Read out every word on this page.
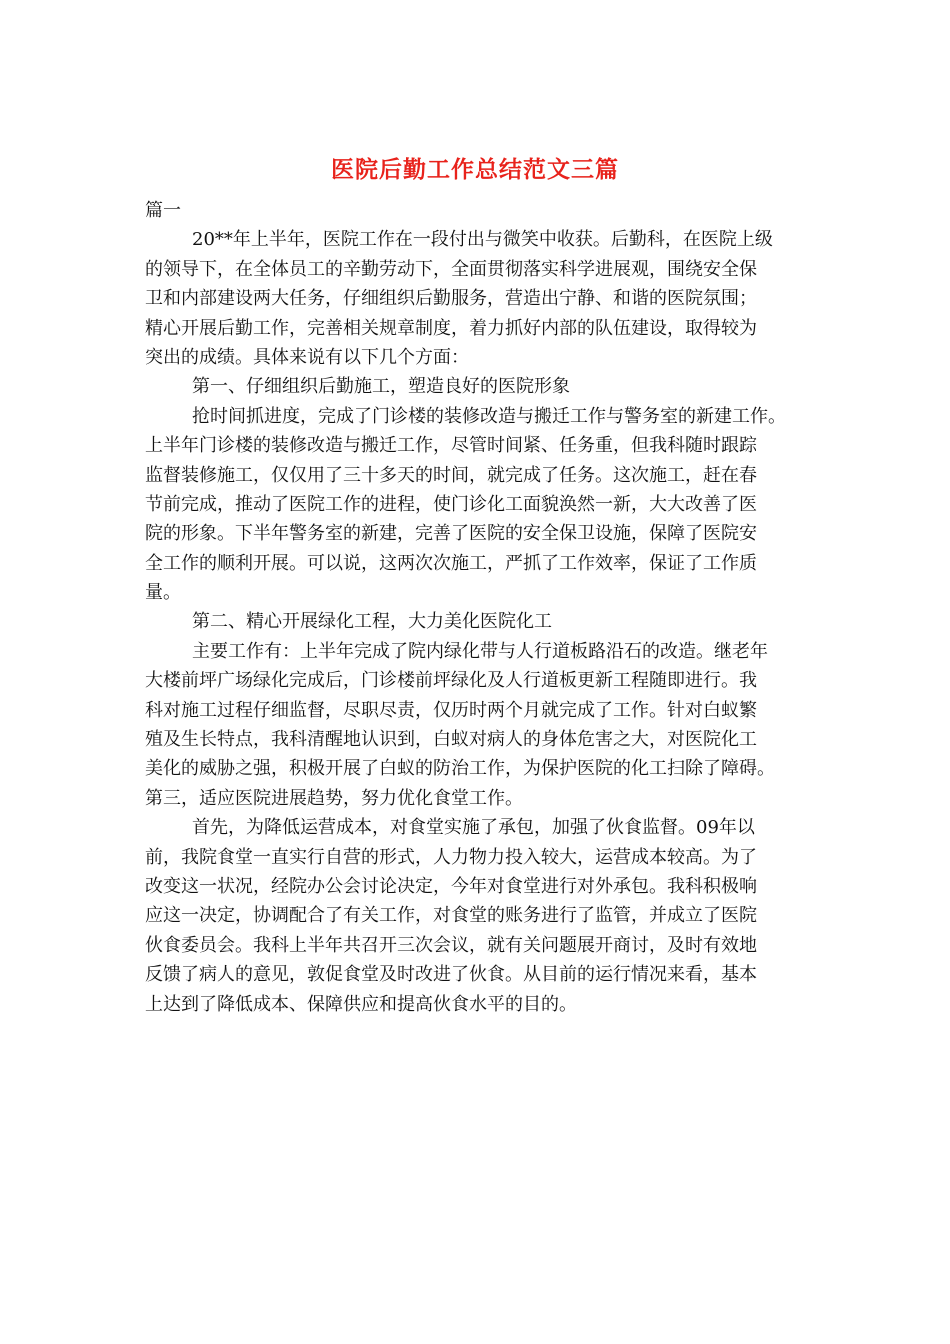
医院后勤工作总结范文三篇
篇一
20**年上半年，医院工作在一段付出与微笑中收获。后勤科，在医院上级
的领导下，在全体员工的辛勤劳动下，全面贯彻落实科学进展观，围绕安全保
卫和内部建设两大任务，仔细组织后勤服务，营造出宁静、和谐的医院氛围；
精心开展后勤工作，完善相关规章制度，着力抓好内部的队伍建设，取得较为
突出的成绩。具体来说有以下几个方面：
第一、仔细组织后勤施工，塑造良好的医院形象
抢时间抓进度，完成了门诊楼的装修改造与搬迁工作与警务室的新建工作。
上半年门诊楼的装修改造与搬迁工作，尽管时间紧、任务重，但我科随时跟踪
监督装修施工，仅仅用了三十多天的时间，就完成了任务。这次施工，赶在春
节前完成，推动了医院工作的进程，使门诊化工面貌涣然一新，大大改善了医
院的形象。下半年警务室的新建，完善了医院的安全保卫设施，保障了医院安
全工作的顺利开展。可以说，这两次次施工，严抓了工作效率，保证了工作质
量。
第二、精心开展绿化工程，大力美化医院化工
主要工作有：上半年完成了院内绿化带与人行道板路沿石的改造。继老年
大楼前坪广场绿化完成后，门诊楼前坪绿化及人行道板更新工程随即进行。我
科对施工过程仔细监督，尽职尽责，仅历时两个月就完成了工作。针对白蚁繁
殖及生长特点，我科清醒地认识到，白蚁对病人的身体危害之大，对医院化工
美化的威胁之强，积极开展了白蚁的防治工作，为保护医院的化工扫除了障碍。
第三，适应医院进展趋势，努力优化食堂工作。
首先，为降低运营成本，对食堂实施了承包，加强了伙食监督。09年以
前，我院食堂一直实行自营的形式，人力物力投入较大，运营成本较高。为了
改变这一状况，经院办公会讨论决定，今年对食堂进行对外承包。我科积极响
应这一决定，协调配合了有关工作，对食堂的账务进行了监管，并成立了医院
伙食委员会。我科上半年共召开三次会议，就有关问题展开商讨，及时有效地
反馈了病人的意见，敦促食堂及时改进了伙食。从目前的运行情况来看，基本
上达到了降低成本、保障供应和提高伙食水平的目的。
